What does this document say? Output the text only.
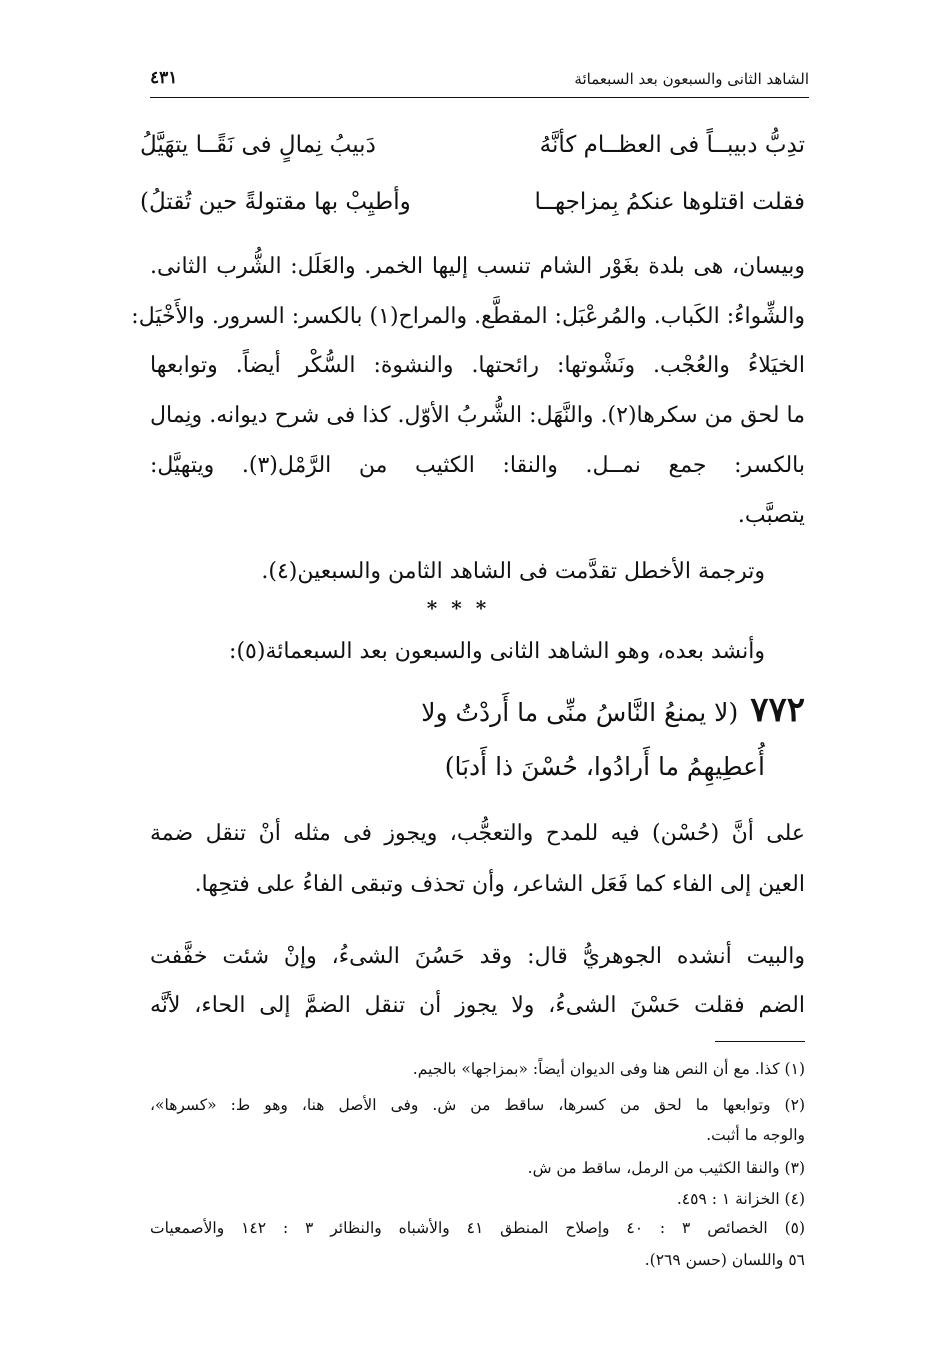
الشاهد الثانى والسبعون بعد السبعمائة
٤٣١
تدِبُّ دبيبــاً فى العظــام كأنَّهُ
دَبيبُ نِمالٍ فى نَقًــا يتهَيَّلُ
فقلت اقتلوها عنكمُ بِمزاجهــا
وأطيِبْ بها مقتولةً حين تُقتلُ)
وبيسان، هى بلدة بغَوْر الشام تنسب إليها الخمر. والعَلَل: الشُّرب الثانى.
والشِّواءُ: الكَباب. والمُرعْبَل: المقطَّع. والمراح(١) بالكسر: السرور. والأَخْيَل:
الخيَلاءُ والعُجْب. ونَشْوتها: رائحتها. والنشوة: السُّكْر أيضاً. وتوابعها
ما لحق من سكرها(٢). والنَّهَل: الشُّربُ الأوّل. كذا فى شرح ديوانه. ونِمال
بالكسر: جمع نمــل. والنقا: الكثيب من الرَّمْل(٣). ويتهيَّل:
يتصبَّب.
وترجمة الأخطل تقدَّمت فى الشاهد الثامن والسبعين(٤).
***
وأنشد بعده، وهو الشاهد الثانى والسبعون بعد السبعمائة(٥):
٧٧٢(لا يمنعُ النَّاسُ منِّى ما أَردْتُ ولا
أُعطِيهِمُ ما أَرادُوا، حُسْنَ ذا أَدبَا)
على أنَّ (حُسْن) فيه للمدح والتعجُّب، ويجوز فى مثله أنْ تنقل ضمة
العين إلى الفاء كما فَعَل الشاعر، وأن تحذف وتبقى الفاءُ على فتحِها.
والبيت أنشده الجوهريُّ قال: وقد حَسُنَ الشىءُ، وإنْ شئت خفَّفت
الضم فقلت حَسْنَ الشىءُ، ولا يجوز أن تنقل الضمَّ إلى الحاء، لأنَّه
(١) كذا. مع أن النص هنا وفى الديوان أيضاً: «بمزاجها» بالجيم.
(٢) وتوابعها ما لحق من كسرها، ساقط من ش. وفى الأصل هنا، وهو ط: «كسرها»،
والوجه ما أثبت.
(٣) والنقا الكثيب من الرمل، ساقط من ش.
(٤) الخزانة ١ : ٤٥٩.
(٥) الخصائص ٣ : ٤٠ وإصلاح المنطق ٤١ والأشباه والنظائر ٣ : ١٤٢ والأصمعيات
٥٦ واللسان (حسن ٢٦٩).
